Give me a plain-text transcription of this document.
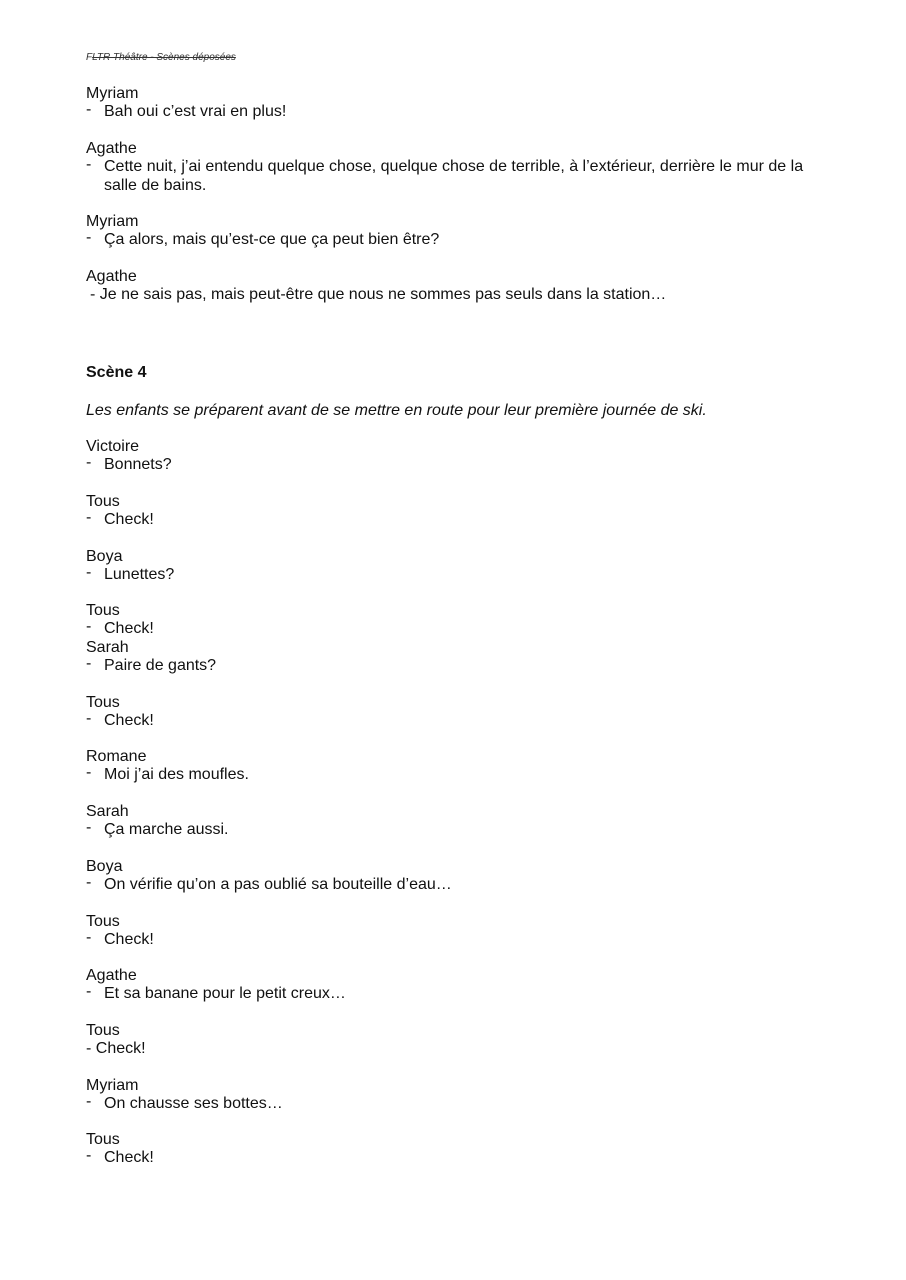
FLTR Théâtre - Scènes déposées
Myriam
- Bah oui c’est vrai en plus!
Agathe
- Cette nuit, j’ai entendu quelque chose, quelque chose de terrible, à l’extérieur, derrière le mur de la salle de bains.
Myriam
- Ça alors, mais qu’est-ce que ça peut bien être?
Agathe
- Je ne sais pas, mais peut-être que nous ne sommes pas seuls dans la station…
Scène 4
Les enfants se préparent avant de se mettre en route pour leur première journée de ski.
Victoire
- Bonnets?
Tous
- Check!
Boya
- Lunettes?
Tous
- Check!
Sarah
- Paire de gants?
Tous
- Check!
Romane
- Moi j’ai des moufles.
Sarah
- Ça marche aussi.
Boya
- On vérifie qu’on a pas oublié sa bouteille d’eau…
Tous
- Check!
Agathe
- Et sa banane pour le petit creux…
Tous
- Check!
Myriam
- On chausse ses bottes…
Tous
- Check!
